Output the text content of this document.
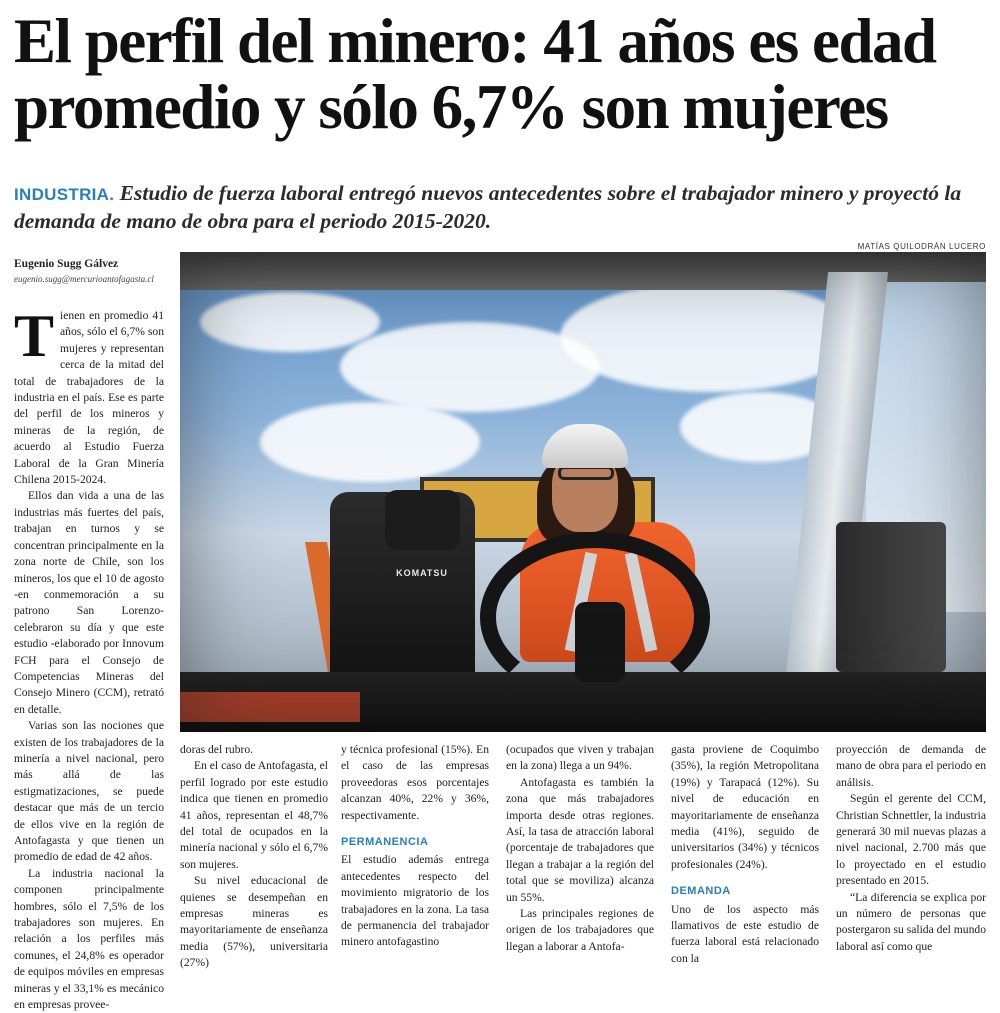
El perfil del minero: 41 años es edad
promedio y sólo 6,7% son mujeres
INDUSTRIA. Estudio de fuerza laboral entregó nuevos antecedentes sobre el trabajador minero y proyectó la demanda de mano de obra para el periodo 2015-2020.
MATÍAS QUILODRÁN LUCERO
Eugenio Sugg Gálvez
eugenio.sugg@mercurioantofagasta.cl
KOMATSU

Tienen en promedio 41 años, sólo el 6,7% son mujeres y representan cerca de la mitad del total de trabajadores de la industria en el país. Ese es parte del perfil de los mineros y mineras de la región, de acuerdo al Estudio Fuerza Laboral de la Gran Minería Chilena 2015-2024.

Ellos dan vida a una de las industrias más fuertes del país, trabajan en turnos y se concentran principalmente en la zona norte de Chile, son los mineros, los que el 10 de agosto -en conmemoración a su patrono San Lorenzo- celebraron su día y que este estudio -elaborado por Innovum FCH para el Consejo de Competencias Mineras del Consejo Minero (CCM), retrató en detalle.

Varias son las nociones que existen de los trabajadores de la minería a nivel nacional, pero más allá de las estigmatizaciones, se puede destacar que más de un tercio de ellos vive en la región de Antofagasta y que tienen un promedio de edad de 42 años.

La industria nacional la componen principalmente hombres, sólo el 7,5% de los trabajadores son mujeres. En relación a los perfiles más comunes, el 24,8% es operador de equipos móviles en empresas mineras y el 33,1% es mecánico en empresas provee-

doras del rubro.

En el caso de Antofagasta, el perfil logrado por este estudio indica que tienen en promedio 41 años, representan el 48,7% del total de ocupados en la minería nacional y sólo el 6,7% son mujeres.

Su nivel educacional de quienes se desempeñan en empresas mineras es mayoritariamente de enseñanza media (57%), universitaria (27%)

y técnica profesional (15%). En el caso de las empresas proveedoras esos porcentajes alcanzan 40%, 22% y 36%, respectivamente.

PERMANENCIA

El estudio además entrega antecedentes respecto del movimiento migratorio de los trabajadores en la zona. La tasa de permanencia del trabajador minero antofagastino

(ocupados que viven y trabajan en la zona) llega a un 94%.

Antofagasta es también la zona que más trabajadores importa desde otras regiones. Así, la tasa de atracción laboral (porcentaje de trabajadores que llegan a trabajar a la región del total que se moviliza) alcanza un 55%.

Las principales regiones de origen de los trabajadores que llegan a laborar a Antofa-

gasta proviene de Coquimbo (35%), la región Metropolitana (19%) y Tarapacá (12%). Su nivel de educación en mayoritariamente de enseñanza media (41%), seguido de universitarios (34%) y técnicos profesionales (24%).

DEMANDA

Uno de los aspecto más llamativos de este estudio de fuerza laboral está relacionado con la

proyección de demanda de mano de obra para el periodo en análisis.

Según el gerente del CCM, Christian Schnettler, la industria generará 30 mil nuevas plazas a nivel nacional, 2.700 más que lo proyectado en el estudio presentado en 2015.

“La diferencia se explica por un número de personas que postergaron su salida del mundo laboral así como que
